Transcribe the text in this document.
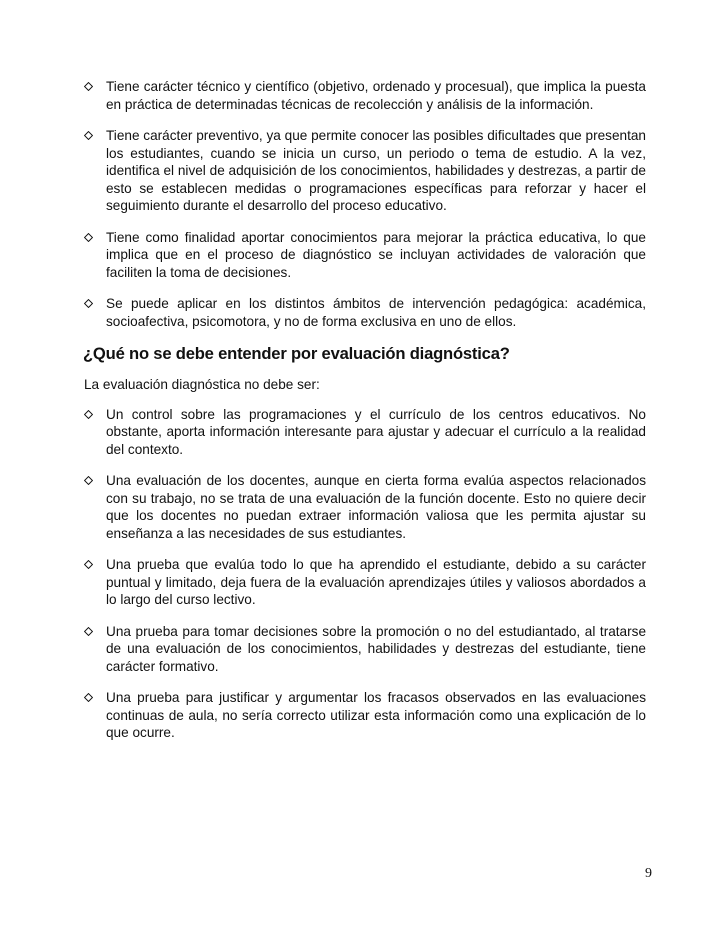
Tiene carácter técnico y científico (objetivo, ordenado y procesual), que implica la puesta en práctica de determinadas técnicas de recolección y análisis de la información.
Tiene carácter preventivo, ya que permite conocer las posibles dificultades que presentan los estudiantes, cuando se inicia un curso, un periodo o tema de estudio. A la vez, identifica el nivel de adquisición de los conocimientos, habilidades y destrezas, a partir de esto se establecen medidas o programaciones específicas para reforzar y hacer el seguimiento durante el desarrollo del proceso educativo.
Tiene como finalidad aportar conocimientos para mejorar la práctica educativa, lo que implica que en el proceso de diagnóstico se incluyan actividades de valoración que faciliten la toma de decisiones.
Se puede aplicar en los distintos ámbitos de intervención pedagógica: académica, socioafectiva, psicomotora, y no de forma exclusiva en uno de ellos.
¿Qué no se debe entender por evaluación diagnóstica?
La evaluación diagnóstica no debe ser:
Un control sobre las programaciones y el currículo de los centros educativos. No obstante, aporta información interesante para ajustar y adecuar el currículo a la realidad del contexto.
Una evaluación de los docentes, aunque en cierta forma evalúa aspectos relacionados con su trabajo, no se trata de una evaluación de la función docente. Esto no quiere decir que los docentes no puedan extraer información valiosa que les permita ajustar su enseñanza a las necesidades de sus estudiantes.
Una prueba que evalúa todo lo que ha aprendido el estudiante, debido a su carácter puntual y limitado, deja fuera de la evaluación aprendizajes útiles y valiosos abordados a lo largo del curso lectivo.
Una prueba para tomar decisiones sobre la promoción o no del estudiantado, al tratarse de una evaluación de los conocimientos, habilidades y destrezas del estudiante, tiene carácter formativo.
Una prueba para justificar y argumentar los fracasos observados en las evaluaciones continuas de aula, no sería correcto utilizar esta información como una explicación de lo que ocurre.
9
